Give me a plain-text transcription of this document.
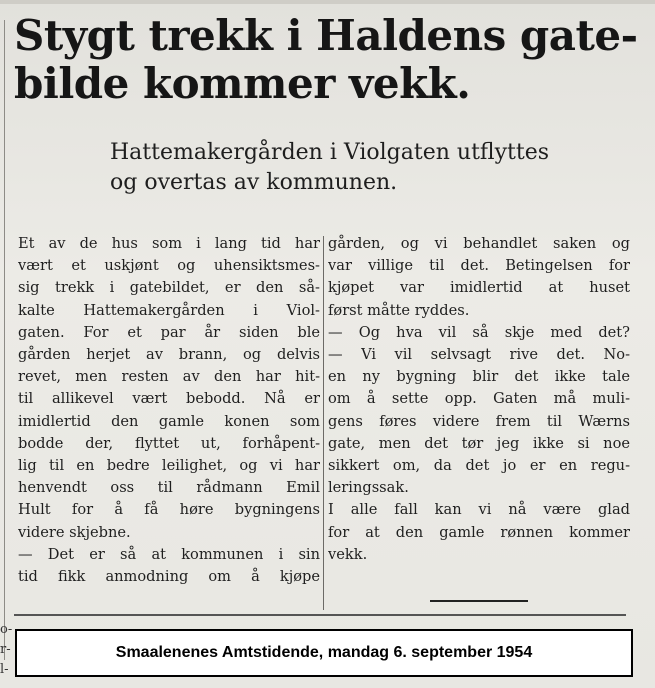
o-
r-
l-
Stygt trekk i Haldens gate-
bilde kommer vekk.
Hattemakergården i Violgaten utflyttes
og overtas av kommunen.
Et av de hus som i lang tid har
vært et uskjønt og uhensiktsmes-
sig trekk i gatebildet, er den så-
kalte Hattemakergården i Viol-
gaten. For et par år siden ble
gården herjet av brann, og delvis
revet, men resten av den har hit-
til allikevel vært bebodd. Nå er
imidlertid den gamle konen som
bodde der, flyttet ut, forhåpent-
lig til en bedre leilighet, og vi har
henvendt oss til rådmann Emil
Hult for å få høre bygningens
videre skjebne.
— Det er så at kommunen i sin
tid fikk anmodning om å kjøpe
gården, og vi behandlet saken og
var villige til det. Betingelsen for
kjøpet var imidlertid at huset
først måtte ryddes.
— Og hva vil så skje med det?
— Vi vil selvsagt rive det. No-
en ny bygning blir det ikke tale
om å sette opp. Gaten må muli-
gens føres videre frem til Wærns
gate, men det tør jeg ikke si noe
sikkert om, da det jo er en regu-
leringssak.
I alle fall kan vi nå være glad
for at den gamle rønnen kommer
vekk.
Smaalenenes Amtstidende, mandag 6. september 1954
